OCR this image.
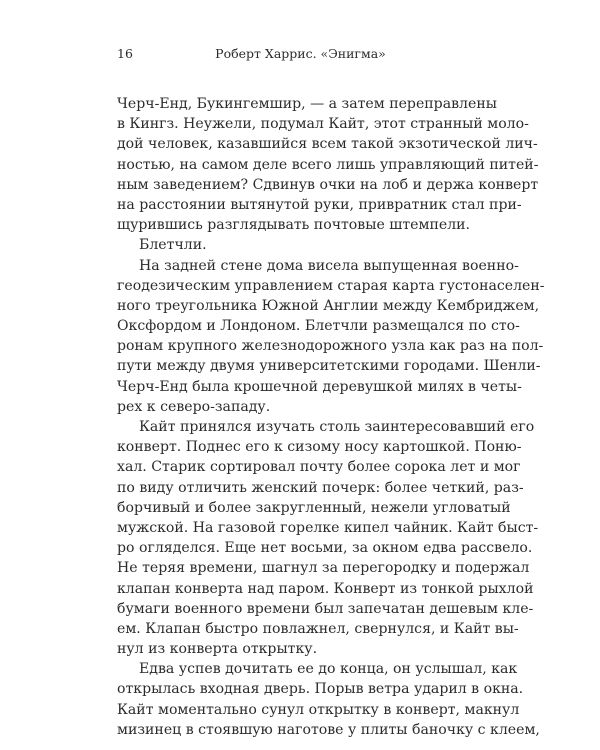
16	Роберт Харрис. «Энигма»
Черч-Енд, Букингемшир, — а затем переправлены
в Кингз. Неужели, подумал Кайт, этот странный моло-
дой человек, казавшийся всем такой экзотической лич-
ностью, на самом деле всего лишь управляющий питей-
ным заведением? Сдвинув очки на лоб и держа конверт
на расстоянии вытянутой руки, привратник стал при-
щурившись разглядывать почтовые штемпели.
Блетчли.
На задней стене дома висела выпущенная военно-
геодезическим управлением старая карта густонаселен-
ного треугольника Южной Англии между Кембриджем,
Оксфордом и Лондоном. Блетчли размещался по сто-
ронам крупного железнодорожного узла как раз на пол-
пути между двумя университетскими городами. Шенли-
Черч-Енд была крошечной деревушкой милях в четы-
рех к северо-западу.
Кайт принялся изучать столь заинтересовавший его
конверт. Поднес его к сизому носу картошкой. Поню-
хал. Старик сортировал почту более сорока лет и мог
по виду отличить женский почерк: более четкий, раз-
борчивый и более закругленный, нежели угловатый
мужской. На газовой горелке кипел чайник. Кайт быст-
ро огляделся. Еще нет восьми, за окном едва рассвело.
Не теряя времени, шагнул за перегородку и подержал
клапан конверта над паром. Конверт из тонкой рыхлой
бумаги военного времени был запечатан дешевым кле-
ем. Клапан быстро повлажнел, свернулся, и Кайт вы-
нул из конверта открытку.
Едва успев дочитать ее до конца, он услышал, как
открылась входная дверь. Порыв ветра ударил в окна.
Кайт моментально сунул открытку в конверт, макнул
мизинец в стоявшую наготове у плиты баночку с клеем,
